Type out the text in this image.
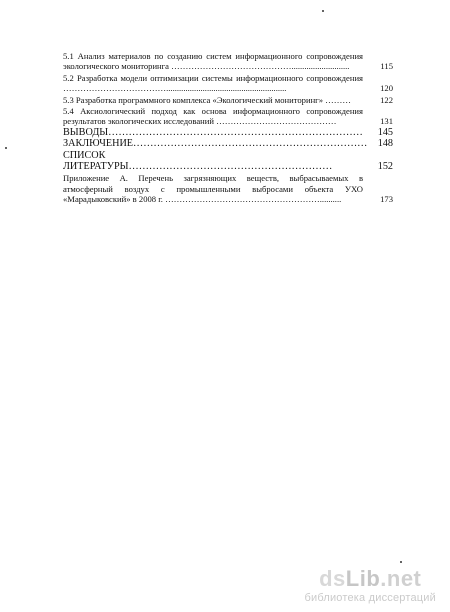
5.1 Анализ материалов по созданию систем информационного сопровождения экологического мониторинга ……………………………………...........................	115
5.2 Разработка модели оптимизации системы информационного сопровождения ………………………………........................................................	120
5.3 Разработка программного комплекса «Экологический мониторинг» ………	122
5.4 Аксиологический подход как основа информационного сопровождения результатов экологических исследований ……………………………………	131
ВЫВОДЫ…………………………………………………………………	145
ЗАКЛЮЧЕНИЕ……………………………………………………………	148
СПИСОК ЛИТЕРАТУРЫ……………………………………………………	152
Приложение А. Перечень загрязняющих веществ, выбрасываемых в атмосферный воздух с промышленными выбросами объекта УХО «Марадыковский» в 2008 г. ………………………………………………..........	173
dsLib.net
библиотека диссертаций
